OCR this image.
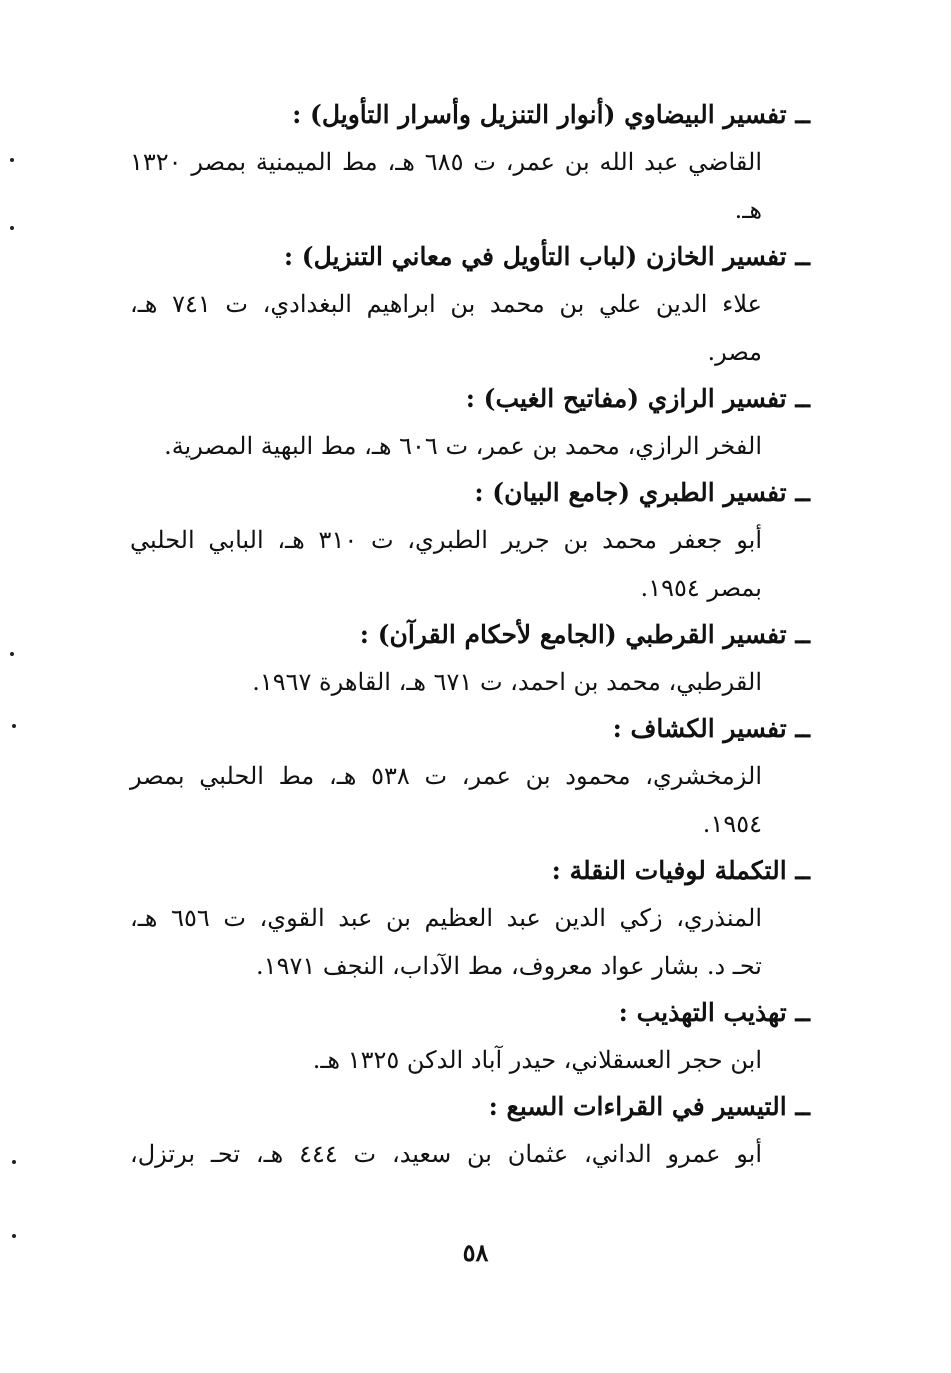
ــ تفسير البيضاوي (أنوار التنزيل وأسرار التأويل) :
القاضي عبد الله بن عمر، ت ٦٨٥ هـ، مط الميمنية بمصر ١٣٢٠
هـ.
ــ تفسير الخازن (لباب التأويل في معاني التنزيل) :
علاء الدين علي بن محمد بن ابراهيم البغدادي، ت ٧٤١ هـ،
مصر.
ــ تفسير الرازي (مفاتيح الغيب) :
الفخر الرازي، محمد بن عمر، ت ٦٠٦ هـ، مط البهية المصرية.
ــ تفسير الطبري (جامع البيان) :
أبو جعفر محمد بن جرير الطبري، ت ٣١٠ هـ، البابي الحلبي
بمصر ١٩٥٤.
ــ تفسير القرطبي (الجامع لأحكام القرآن) :
القرطبي، محمد بن احمد، ت ٦٧١ هـ، القاهرة ١٩٦٧.
ــ تفسير الكشاف :
الزمخشري، محمود بن عمر، ت ٥٣٨ هـ، مط الحلبي بمصر
١٩٥٤.
ــ التكملة لوفيات النقلة :
المنذري، زكي الدين عبد العظيم بن عبد القوي، ت ٦٥٦ هـ،
تحـ د. بشار عواد معروف، مط الآداب، النجف ١٩٧١.
ــ تهذيب التهذيب :
ابن حجر العسقلاني، حيدر آباد الدكن ١٣٢٥ هـ.
ــ التيسير في القراءات السبع :
أبو عمرو الداني، عثمان بن سعيد، ت ٤٤٤ هـ، تحـ برتزل،
٥٨
